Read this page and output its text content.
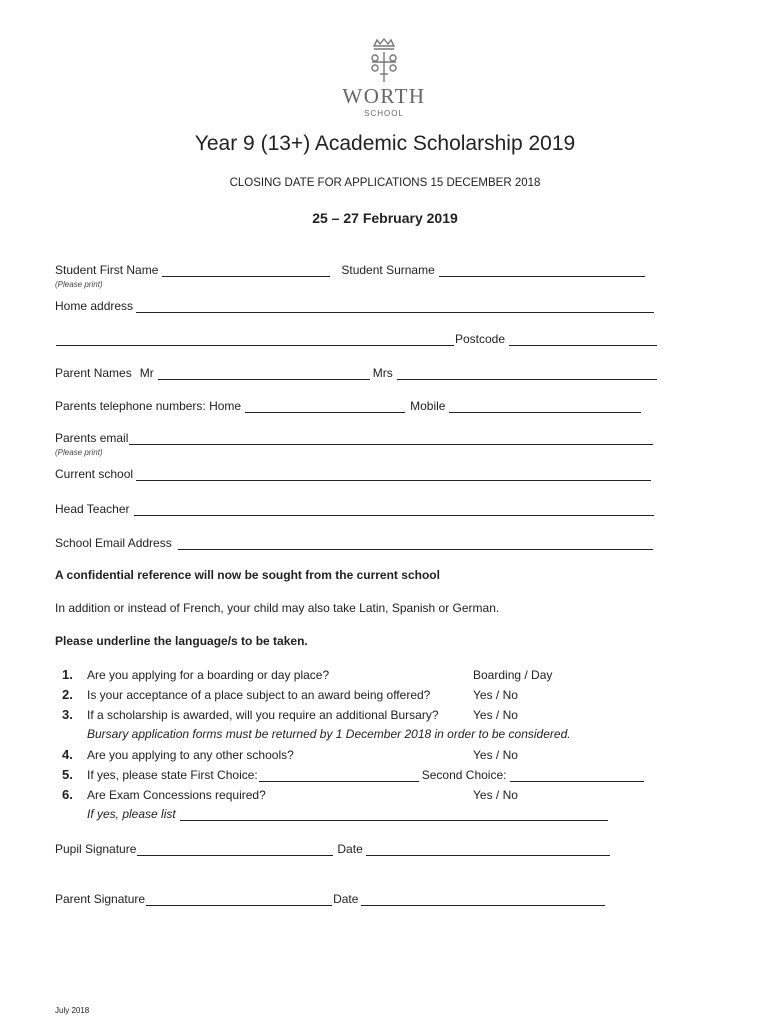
WORTH
SCHOOL
Year 9 (13+) Academic Scholarship 2019
CLOSING DATE FOR APPLICATIONS 15 DECEMBER 2018
25 – 27 February 2019
Student First Name	Student Surname
(Please print)
Home address
Postcode
Parent Names Mr	Mrs
Parents telephone numbers: Home	Mobile
Parents email
(Please print)
Current school
Head Teacher
School Email Address
A confidential reference will now be sought from the current school
In addition or instead of French, your child may also take Latin, Spanish or German.
Please underline the language/s to be taken.
1.	Are you applying for a boarding or day place?	Boarding / Day
2.	Is your acceptance of a place subject to an award being offered?	Yes / No
3.	If a scholarship is awarded, will you require an additional Bursary?	Yes / No
Bursary application forms must be returned by 1 December 2018 in order to be considered.
4.	Are you applying to any other schools?	Yes / No
5.	If yes, please state First Choice:	Second Choice:
6.	Are Exam Concessions required?	Yes / No
If yes, please list
Pupil Signature	Date
Parent Signature	Date
July 2018
